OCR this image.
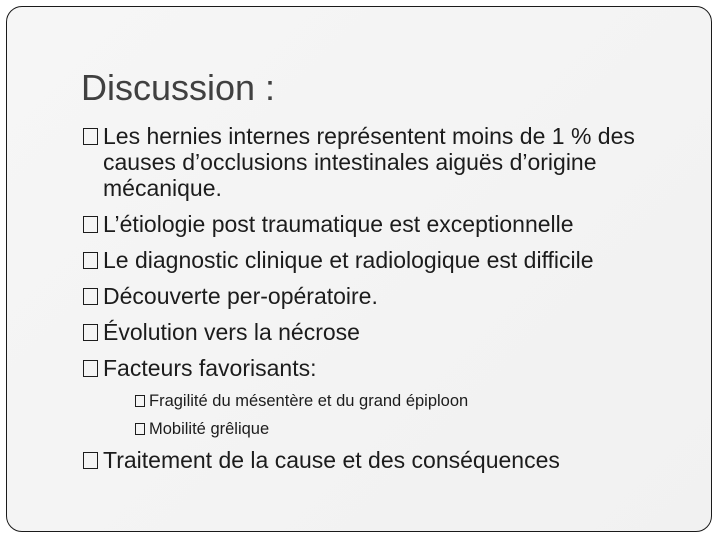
Discussion :
Les hernies internes représentent moins de 1 % des causes d’occlusions intestinales aiguës d’origine mécanique.
L’étiologie post traumatique est exceptionnelle
Le diagnostic clinique et radiologique est difficile
Découverte per-opératoire.
Évolution vers la nécrose
Facteurs favorisants:
Fragilité du mésentère et du grand épiploon
Mobilité grêlique
Traitement de la cause et des conséquences
